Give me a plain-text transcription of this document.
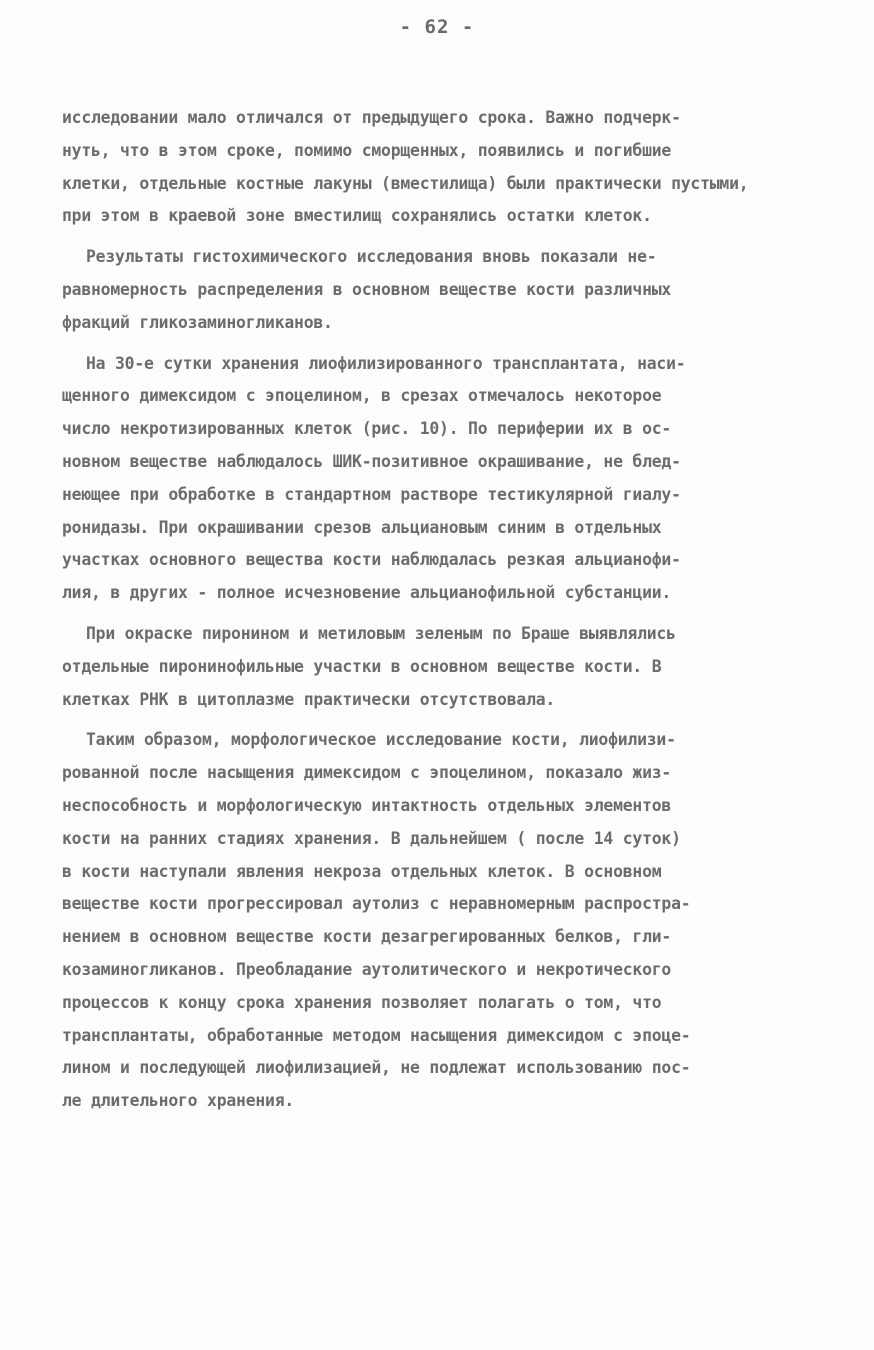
- 62 -
исследовании мало отличался от предыдущего срока. Важно подчерк-
нуть, что в этом сроке, помимо сморщенных, появились и погибшие
клетки, отдельные костные лакуны (вместилища) были практически пустыми,
при этом в краевой зоне вместилищ сохранялись остатки клеток.
Результаты гистохимического исследования вновь показали не-
равномерность распределения в основном веществе кости различных
фракций гликозаминогликанов.
На 30-е сутки хранения лиофилизированного трансплантата, наси-
щенного димексидом с эпоцелином, в срезах отмечалось некоторое
число некротизированных клеток (рис. 10). По периферии их в ос-
новном веществе наблюдалось ШИК-позитивное окрашивание, не блед-
неющее при обработке в стандартном растворе тестикулярной гиалу-
ронидазы. При окрашивании срезов альциановым синим в отдельных
участках основного вещества кости наблюдалась резкая альцианофи-
лия, в других - полное исчезновение альцианофильной субстанции.
При окраске пиронином и метиловым зеленым по Браше выявлялись
отдельные пиронинофильные участки в основном веществе кости. В
клетках РНК в цитоплазме практически отсутствовала.
Таким образом, морфологическое исследование кости, лиофилизи-
рованной после насыщения димексидом с эпоцелином, показало жиз-
неспособность и морфологическую интактность отдельных элементов
кости на ранних стадиях хранения. В дальнейшем ( после 14 суток)
в кости наступали явления некроза отдельных клеток. В основном
веществе кости прогрессировал аутолиз с неравномерным распростра-
нением в основном веществе кости дезагрегированных белков, гли-
козаминогликанов. Преобладание аутолитического и некротического
процессов к концу срока хранения позволяет полагать о том, что
трансплантаты, обработанные методом насыщения димексидом с эпоце-
лином и последующей лиофилизацией, не подлежат использованию пос-
ле длительного хранения.
